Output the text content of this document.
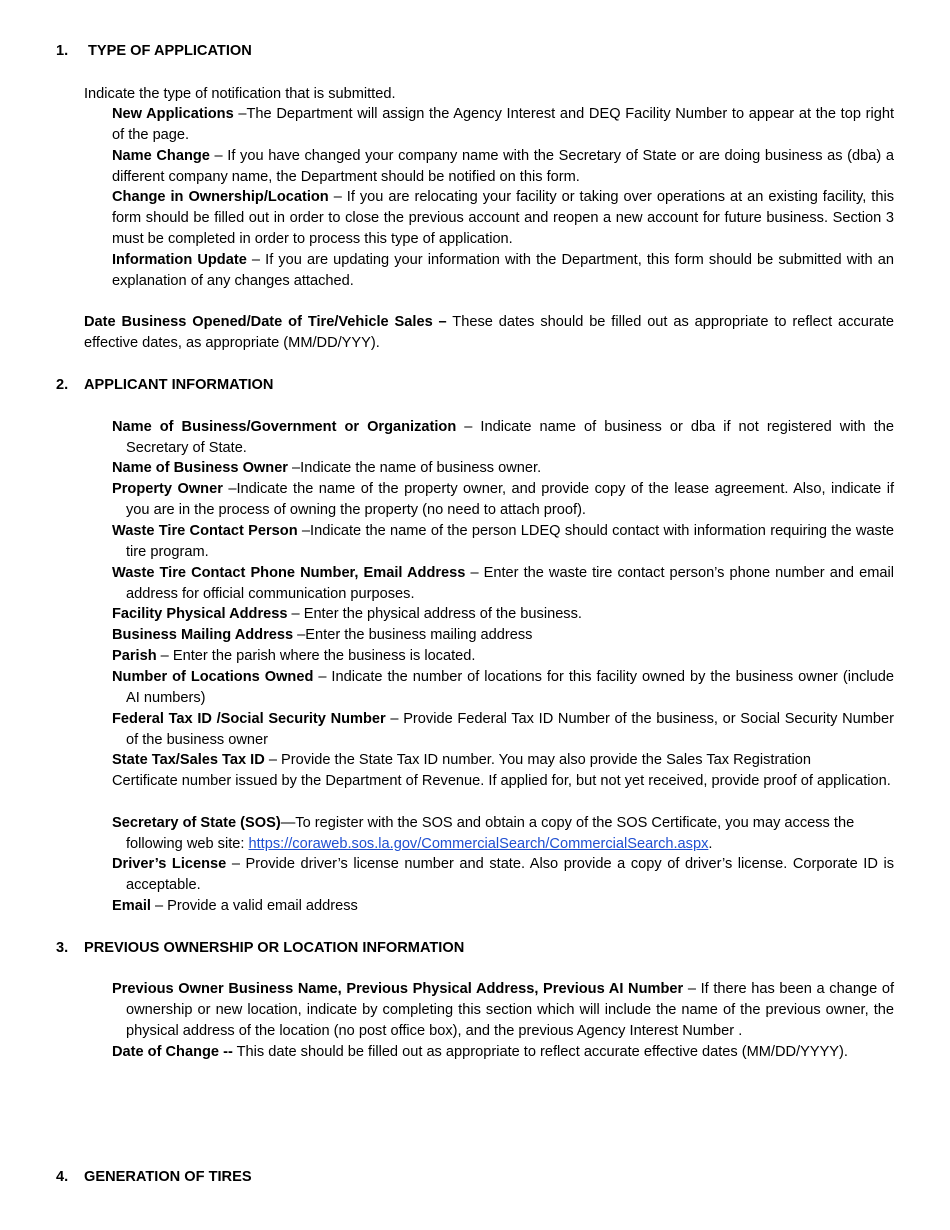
1. TYPE OF APPLICATION
Indicate the type of notification that is submitted.
New Applications –The Department will assign the Agency Interest and DEQ Facility Number to appear at the top right of the page.
Name Change – If you have changed your company name with the Secretary of State or are doing business as (dba) a different company name, the Department should be notified on this form.
Change in Ownership/Location – If you are relocating your facility or taking over operations at an existing facility, this form should be filled out in order to close the previous account and reopen a new account for future business. Section 3 must be completed in order to process this type of application.
Information Update – If you are updating your information with the Department, this form should be submitted with an explanation of any changes attached.
Date Business Opened/Date of Tire/Vehicle Sales – These dates should be filled out as appropriate to reflect accurate effective dates, as appropriate (MM/DD/YYY).
2. APPLICANT INFORMATION
Name of Business/Government or Organization – Indicate name of business or dba if not registered with the Secretary of State.
Name of Business Owner –Indicate the name of business owner.
Property Owner –Indicate the name of the property owner, and provide copy of the lease agreement. Also, indicate if you are in the process of owning the property (no need to attach proof).
Waste Tire Contact Person –Indicate the name of the person LDEQ should contact with information requiring the waste tire program.
Waste Tire Contact Phone Number, Email Address – Enter the waste tire contact person’s phone number and email address for official communication purposes.
Facility Physical Address – Enter the physical address of the business.
Business Mailing Address –Enter the business mailing address
Parish – Enter the parish where the business is located.
Number of Locations Owned – Indicate the number of locations for this facility owned by the business owner (include AI numbers)
Federal Tax ID /Social Security Number – Provide Federal Tax ID Number of the business, or Social Security Number of the business owner
State Tax/Sales Tax ID – Provide the State Tax ID number. You may also provide the Sales Tax Registration

Certificate number issued by the Department of Revenue. If applied for, but not yet received, provide proof of application.
Secretary of State (SOS)—To register with the SOS and obtain a copy of the SOS Certificate, you may access the following web site: https://coraweb.sos.la.gov/CommercialSearch/CommercialSearch.aspx.
Driver’s License – Provide driver’s license number and state. Also provide a copy of driver’s license. Corporate ID is acceptable.
Email – Provide a valid email address
3. PREVIOUS OWNERSHIP OR LOCATION INFORMATION
Previous Owner Business Name, Previous Physical Address, Previous AI Number – If there has been a change of ownership or new location, indicate by completing this section which will include the name of the previous owner, the physical address of the location (no post office box), and the previous Agency Interest Number .
Date of Change -- This date should be filled out as appropriate to reflect accurate effective dates (MM/DD/YYYY).
4. GENERATION OF TIRES
